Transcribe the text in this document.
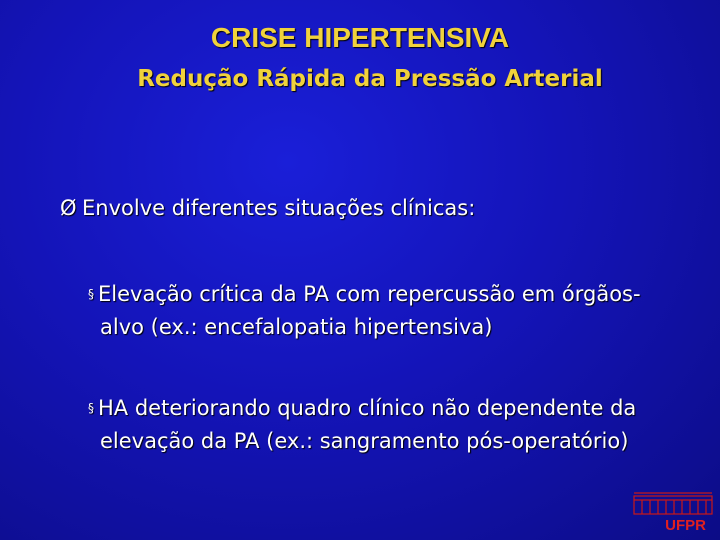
CRISE HIPERTENSIVA
Redução Rápida da Pressão Arterial
Ø Envolve diferentes situações clínicas:
§ Elevação crítica da PA com repercussão em órgãos-
alvo (ex.: encefalopatia hipertensiva)
§ HA deteriorando quadro clínico não dependente da
elevação da PA (ex.: sangramento pós-operatório)
UFPR
